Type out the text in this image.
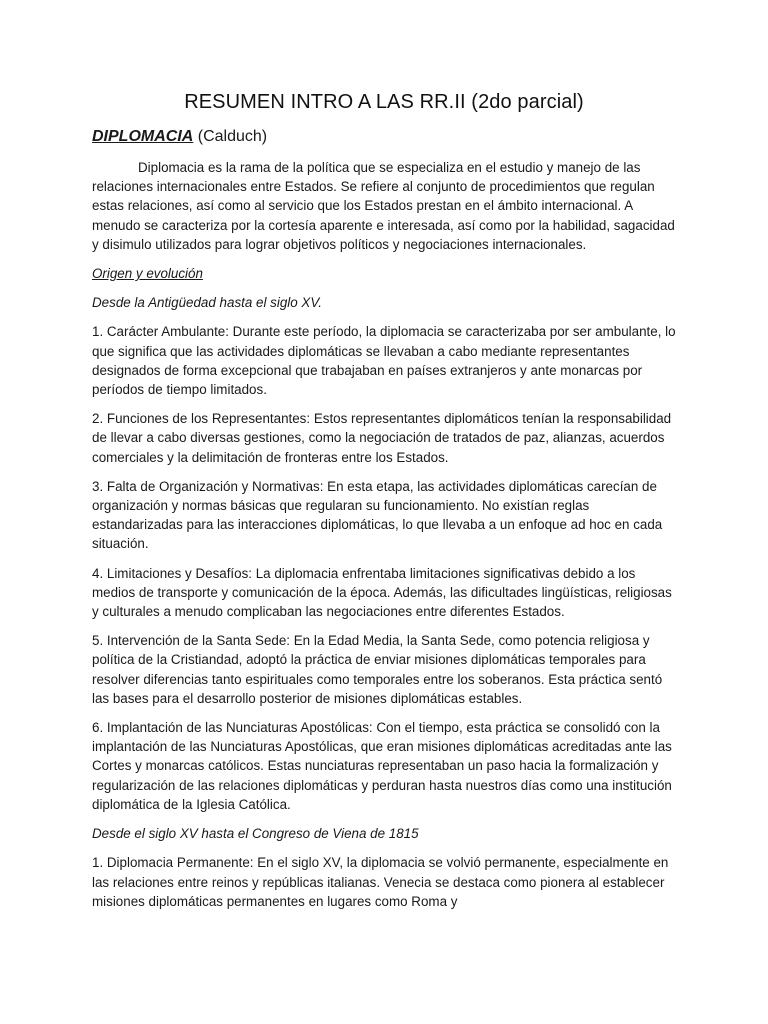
RESUMEN INTRO A LAS RR.II (2do parcial)
DIPLOMACIA (Calduch)

Diplomacia es la rama de la política que se especializa en el estudio y manejo de las relaciones internacionales entre Estados. Se refiere al conjunto de procedimientos que regulan estas relaciones, así como al servicio que los Estados prestan en el ámbito internacional. A menudo se caracteriza por la cortesía aparente e interesada, así como por la habilidad, sagacidad y disimulo utilizados para lograr objetivos políticos y negociaciones internacionales.

Origen y evolución

Desde la Antigüedad hasta el siglo XV.

1. Carácter Ambulante: Durante este período, la diplomacia se caracterizaba por ser ambulante, lo que significa que las actividades diplomáticas se llevaban a cabo mediante representantes designados de forma excepcional que trabajaban en países extranjeros y ante monarcas por períodos de tiempo limitados.

2. Funciones de los Representantes: Estos representantes diplomáticos tenían la responsabilidad de llevar a cabo diversas gestiones, como la negociación de tratados de paz, alianzas, acuerdos comerciales y la delimitación de fronteras entre los Estados.

3. Falta de Organización y Normativas: En esta etapa, las actividades diplomáticas carecían de organización y normas básicas que regularan su funcionamiento. No existían reglas estandarizadas para las interacciones diplomáticas, lo que llevaba a un enfoque ad hoc en cada situación.

4. Limitaciones y Desafíos: La diplomacia enfrentaba limitaciones significativas debido a los medios de transporte y comunicación de la época. Además, las dificultades lingüísticas, religiosas y culturales a menudo complicaban las negociaciones entre diferentes Estados.

5. Intervención de la Santa Sede: En la Edad Media, la Santa Sede, como potencia religiosa y política de la Cristiandad, adoptó la práctica de enviar misiones diplomáticas temporales para resolver diferencias tanto espirituales como temporales entre los soberanos. Esta práctica sentó las bases para el desarrollo posterior de misiones diplomáticas estables.

6. Implantación de las Nunciaturas Apostólicas: Con el tiempo, esta práctica se consolidó con la implantación de las Nunciaturas Apostólicas, que eran misiones diplomáticas acreditadas ante las Cortes y monarcas católicos. Estas nunciaturas representaban un paso hacia la formalización y regularización de las relaciones diplomáticas y perduran hasta nuestros días como una institución diplomática de la Iglesia Católica.

Desde el siglo XV hasta el Congreso de Viena de 1815

1. Diplomacia Permanente: En el siglo XV, la diplomacia se volvió permanente, especialmente en las relaciones entre reinos y repúblicas italianas. Venecia se destaca como pionera al establecer misiones diplomáticas permanentes en lugares como Roma y
